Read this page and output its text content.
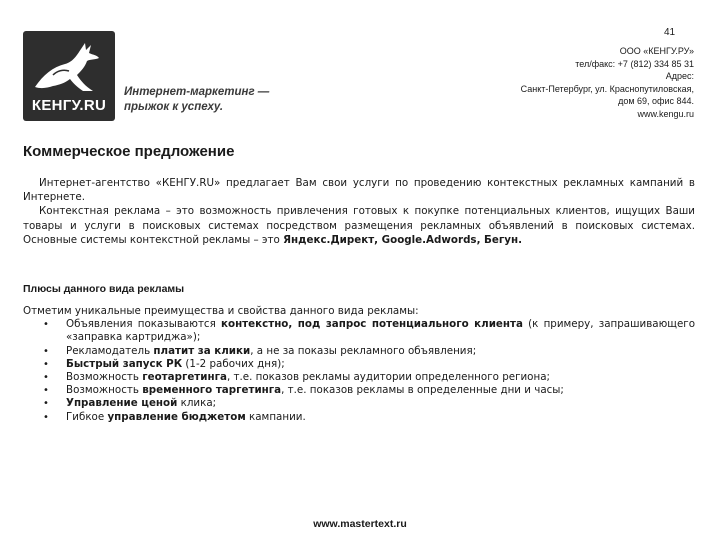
41
КЕНГУ.RU
Интернет-маркетинг —
прыжок к успеху.
ООО «КЕНГУ.РУ»
тел/факс: +7 (812) 334 85 31
Адрес:
Санкт-Петербург, ул. Краснопутиловская,
дом 69, офис 844.
www.kengu.ru
Коммерческое предложение

Интернет-агентство «КЕНГУ.RU» предлагает Вам свои услуги по проведению контекстных рекламных кампаний в Интернете.

Контекстная реклама – это возможность привлечения готовых к покупке потенциальных клиентов, ищущих Ваши товары и услуги в поисковых системах посредством размещения рекламных объявлений в поисковых системах. Основные системы контекстной рекламы – это Яндекс.Директ, Google.Adwords, Бегун.

Плюсы данного вида рекламы

Отметим уникальные преимущества и свойства данного вида рекламы:

• Объявления показываются контекстно, под запрос потенциального клиента (к примеру, запрашивающего «заправка картриджа»);
• Рекламодатель платит за клики, а не за показы рекламного объявления;
• Быстрый запуск РК (1-2 рабочих дня);
• Возможность геотаргетинга, т.е. показов рекламы аудитории определенного региона;
• Возможность временного таргетинга, т.е. показов рекламы в определенные дни и часы;
• Управление ценой клика;
• Гибкое управление бюджетом кампании.
www.mastertext.ru
